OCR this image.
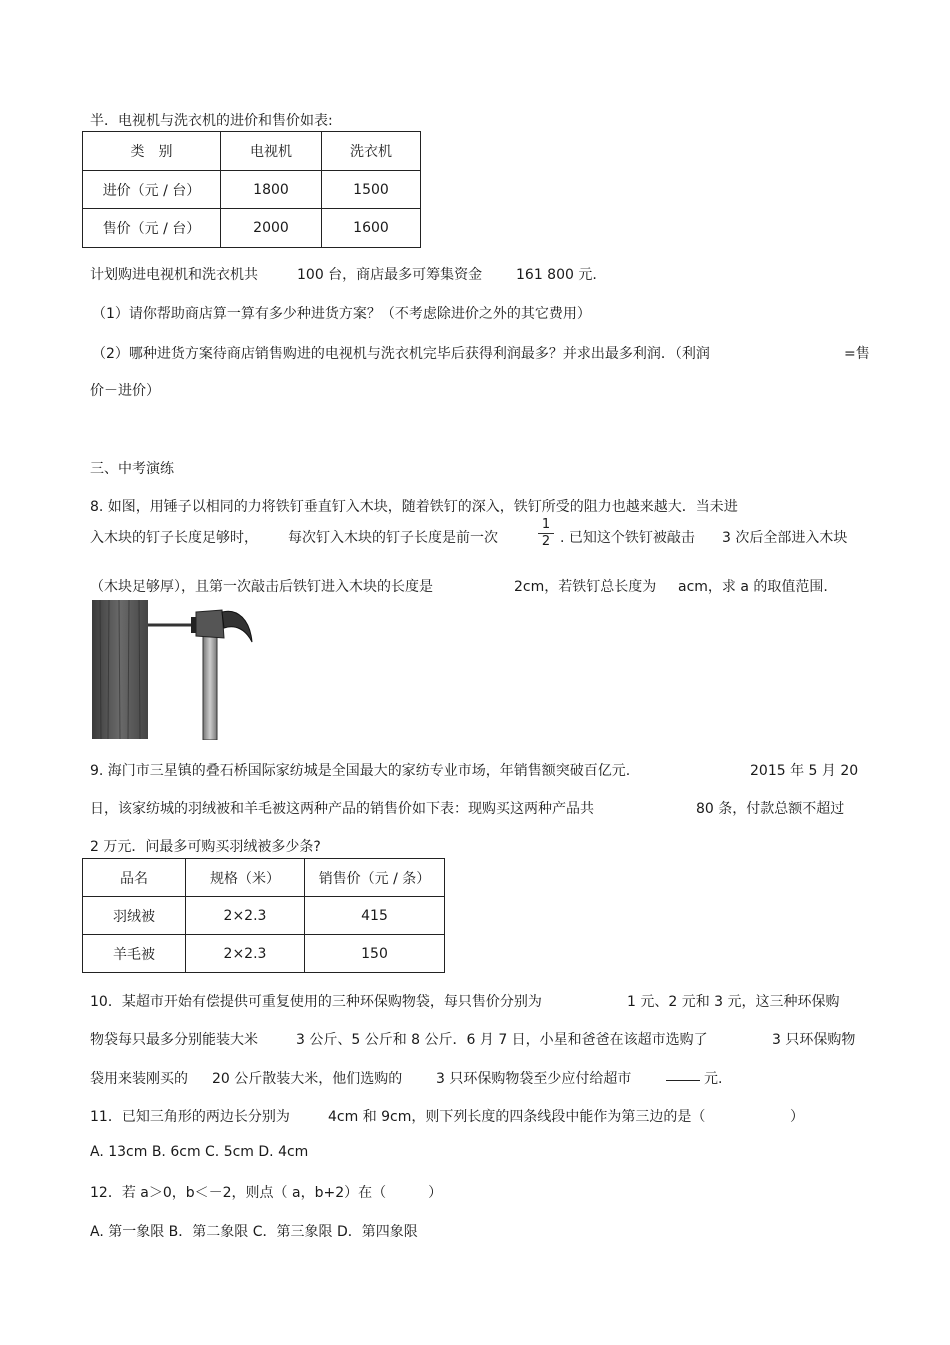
半．电视机与洗衣机的进价和售价如表:
类　别	电视机	洗衣机
进价（元 / 台）	1800	1500
售价（元 / 台）	2000	1600
计划购进电视机和洗衣机共	100 台，商店最多可筹集资金 161 800 元.
（1）请你帮助商店算一算有多少种进货方案？（不考虑除进价之外的其它费用）
（2）哪种进货方案待商店销售购进的电视机与洗衣机完毕后获得利润最多？并求出最多利润．（利润	=售
价－进价）
三、中考演练
8. 如图，用锤子以相同的力将铁钉垂直钉入木块，随着铁钉的深入，铁钉所受的阻力也越来越大．当未进
入木块的钉子长度足够时， 每次钉入木块的钉子长度是前一次	. 已知这个铁钉被敲击 3 次后全部进入木块
1
2
（木块足够厚），且第一次敲击后铁钉进入木块的长度是	2cm，若铁钉总长度为 acm，求 a 的取值范围.
9. 海门市三星镇的叠石桥国际家纺城是全国最大的家纺专业市场，年销售额突破百亿元.	2015 年 5 月 20
日，该家纺城的羽绒被和羊毛被这两种产品的销售价如下表：现购买这两种产品共	80 条，付款总额不超过
2 万元．问最多可购买羽绒被多少条?
品名	规格（米）	销售价（元 / 条）
羽绒被	2×2.3	415
羊毛被	2×2.3	150
10．某超市开始有偿提供可重复使用的三种环保购物袋，每只售价分别为	1 元、2 元和 3 元，这三种环保购
物袋每只最多分别能装大米	3 公斤、5 公斤和 8 公斤．6 月 7 日，小星和爸爸在该超市选购了	3 只环保购物
袋用来装刚买的 20 公斤散装大米，他们选购的 3 只环保购物袋至少应付给超市	元.
11．已知三角形的两边长分别为	4cm 和 9cm，则下列长度的四条线段中能作为第三边的是（	）
A. 13cm B. 6cm C. 5cm D. 4cm
12．若 a＞0，b＜－2，则点（ a，b+2）在（　　　）
A. 第一象限 B．第二象限 C．第三象限 D．第四象限
